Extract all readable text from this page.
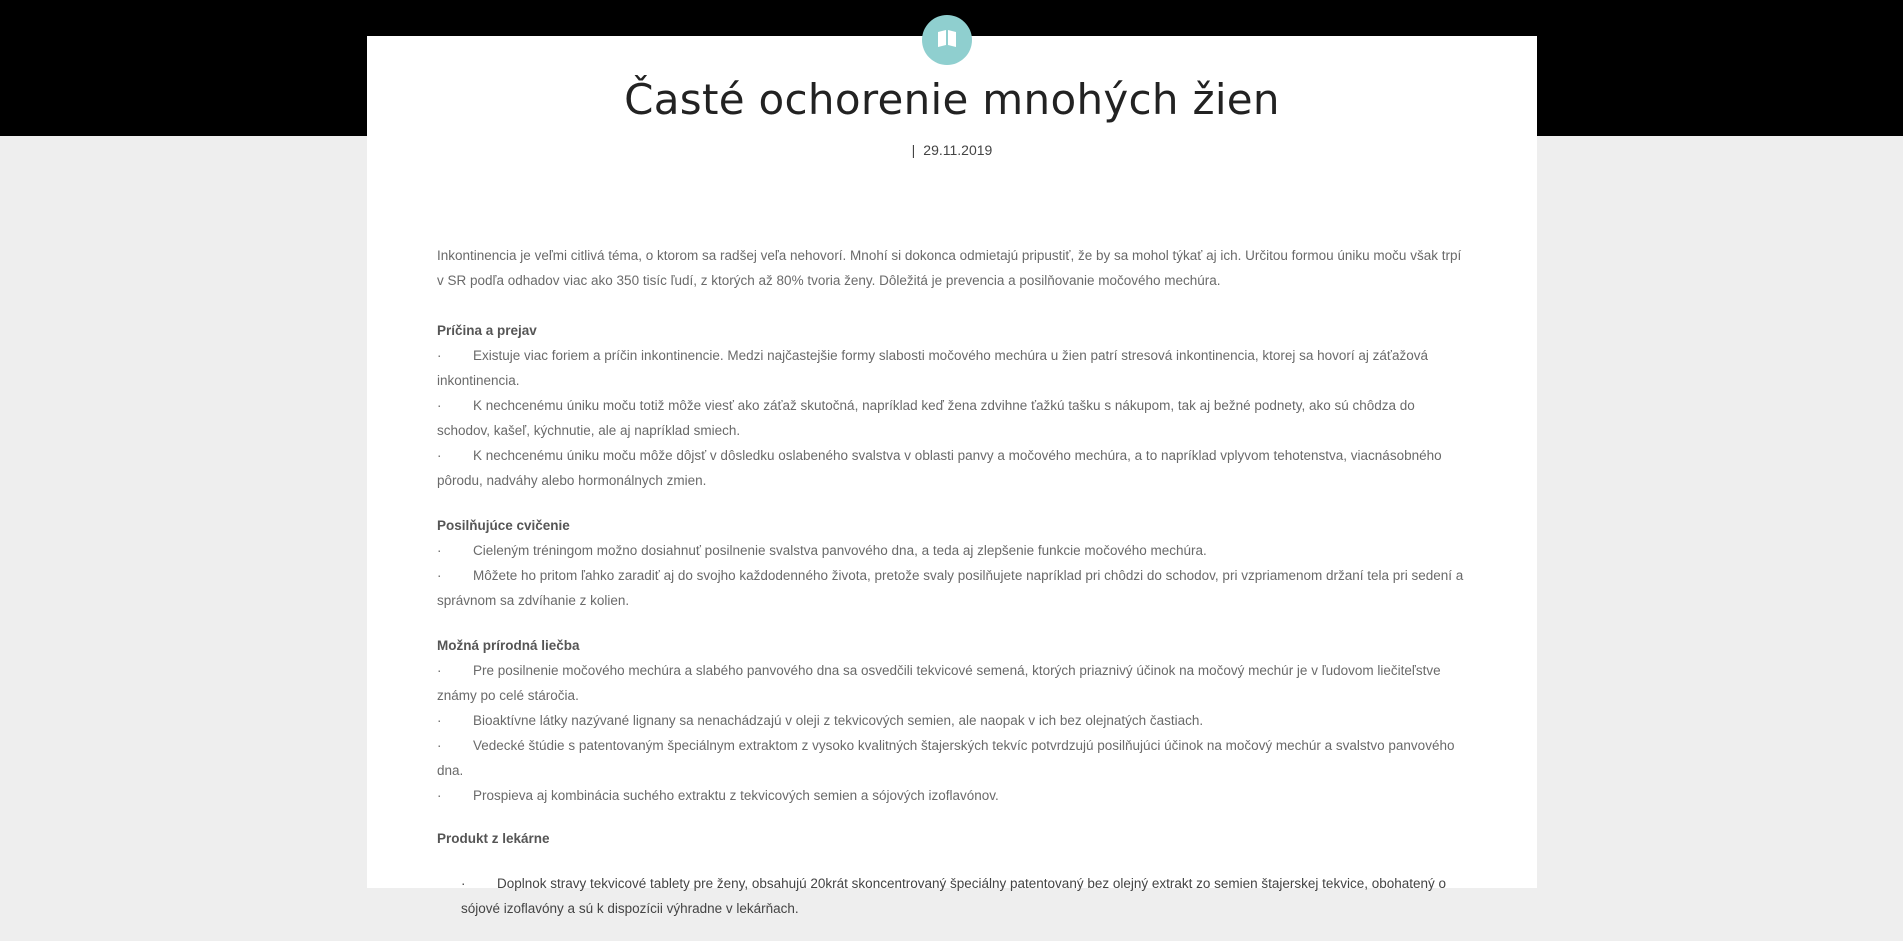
Časté ochorenie mnohých žien
| 29.11.2019

Inkontinencia je veľmi citlivá téma, o ktorom sa radšej veľa nehovorí. Mnohí si dokonca odmietajú pripustiť, že by sa mohol týkať aj ich. Určitou formou úniku moču však trpí v SR podľa odhadov viac ako 350 tisíc ľudí, z ktorých až 80% tvoria ženy. Dôležitá je prevencia a posilňovanie močového mechúra.

Príčina a prejav

· Existuje viac foriem a príčin inkontinencie. Medzi najčastejšie formy slabosti močového mechúra u žien patrí stresová inkontinencia, ktorej sa hovorí aj záťažová inkontinencia.

· K nechcenému úniku moču totiž môže viesť ako záťaž skutočná, napríklad keď žena zdvihne ťažkú tašku s nákupom, tak aj bežné podnety, ako sú chôdza do schodov, kašeľ, kýchnutie, ale aj napríklad smiech.

· K nechcenému úniku moču môže dôjsť v dôsledku oslabeného svalstva v oblasti panvy a močového mechúra, a to napríklad vplyvom tehotenstva, viacnásobného pôrodu, nadváhy alebo hormonálnych zmien.

Posilňujúce cvičenie

· Cieleným tréningom možno dosiahnuť posilnenie svalstva panvového dna, a teda aj zlepšenie funkcie močového mechúra.

· Môžete ho pritom ľahko zaradiť aj do svojho každodenného života, pretože svaly posilňujete napríklad pri chôdzi do schodov, pri vzpriamenom držaní tela pri sedení a správnom sa zdvíhanie z kolien.

Možná prírodná liečba

· Pre posilnenie močového mechúra a slabého panvového dna sa osvedčili tekvicové semená, ktorých priaznivý účinok na močový mechúr je v ľudovom liečiteľstve známy po celé stáročia.

· Bioaktívne látky nazývané lignany sa nenachádzajú v oleji z tekvicových semien, ale naopak v ich bez olejnatých častiach.

· Vedecké štúdie s patentovaným špeciálnym extraktom z vysoko kvalitných štajerských tekvíc potvrdzujú posilňujúci účinok na močový mechúr a svalstvo panvového dna.

· Prospieva aj kombinácia suchého extraktu z tekvicových semien a sójových izoflavónov.

Produkt z lekárne

· Doplnok stravy tekvicové tablety pre ženy, obsahujú 20krát skoncentrovaný špeciálny patentovaný bez olejný extrakt zo semien štajerskej tekvice, obohatený o sójové izoflavóny a sú k dispozícii výhradne v lekárňach.
